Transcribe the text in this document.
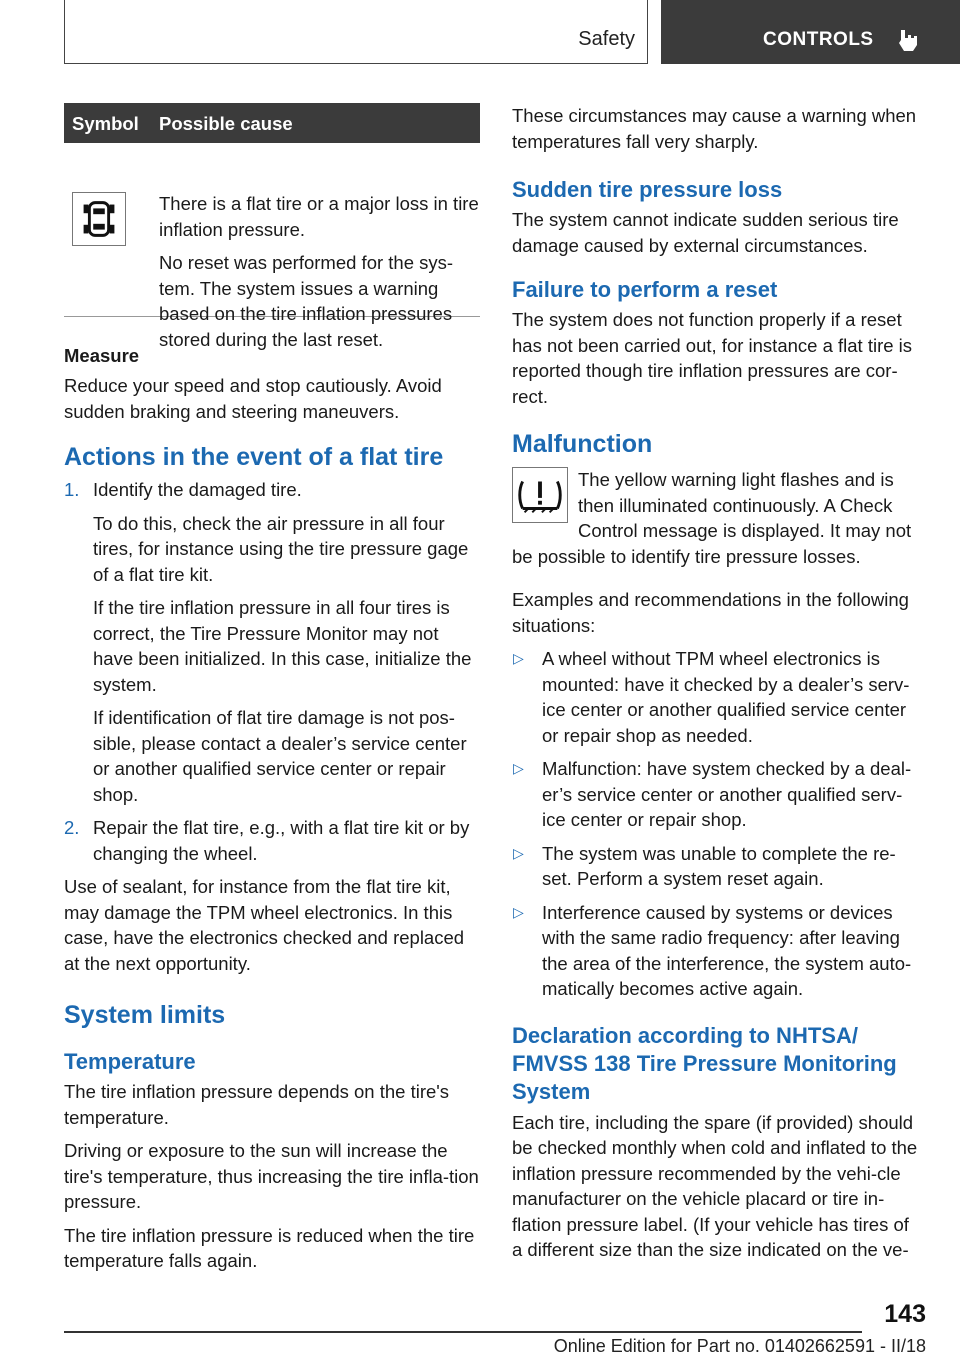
Safety	CONTROLS
Symbol Possible cause

There is a flat tire or a major loss in tire inflation pressure.

No reset was performed for the sys-tem. The system issues a warning based on the tire inflation pressures stored during the last reset.

Measure

Reduce your speed and stop cautiously. Avoid sudden braking and steering maneuvers.

Actions in the event of a flat tire
1. Identify the damaged tire.

To do this, check the air pressure in all four tires, for instance using the tire pressure gage of a flat tire kit.

If the tire inflation pressure in all four tires is correct, the Tire Pressure Monitor may not have been initialized. In this case, initialize the system.

If identification of flat tire damage is not pos-sible, please contact a dealer’s service center or another qualified service center or repair shop.

2. Repair the flat tire, e.g., with a flat tire kit or by changing the wheel.

Use of sealant, for instance from the flat tire kit, may damage the TPM wheel electronics. In this case, have the electronics checked and replaced at the next opportunity.

System limits
Temperature

The tire inflation pressure depends on the tire's temperature.

Driving or exposure to the sun will increase the tire's temperature, thus increasing the tire infla-tion pressure.

The tire inflation pressure is reduced when the tire temperature falls again.

These circumstances may cause a warning when temperatures fall very sharply.

Sudden tire pressure loss

The system cannot indicate sudden serious tire damage caused by external circumstances.

Failure to perform a reset

The system does not function properly if a reset has not been carried out, for instance a flat tire is reported though tire inflation pressures are cor-rect.

Malfunction

The yellow warning light flashes and is then illuminated continuously. A Check Control message is displayed. It may not be possible to identify tire pressure losses.

Examples and recommendations in the following situations:

▷ A wheel without TPM wheel electronics is mounted: have it checked by a dealer’s serv-ice center or another qualified service center or repair shop as needed.

▷ Malfunction: have system checked by a deal-er’s service center or another qualified serv-ice center or repair shop.

▷ The system was unable to complete the re-set. Perform a system reset again.

▷ Interference caused by systems or devices with the same radio frequency: after leaving the area of the interference, the system auto-matically becomes active again.

Declaration according to NHTSA/ FMVSS 138 Tire Pressure Monitoring System

Each tire, including the spare (if provided) should be checked monthly when cold and inflated to the inflation pressure recommended by the vehi-cle manufacturer on the vehicle placard or tire in-flation pressure label. (If your vehicle has tires of a different size than the size indicated on the ve-

143
Online Edition for Part no. 01402662591 - II/18
